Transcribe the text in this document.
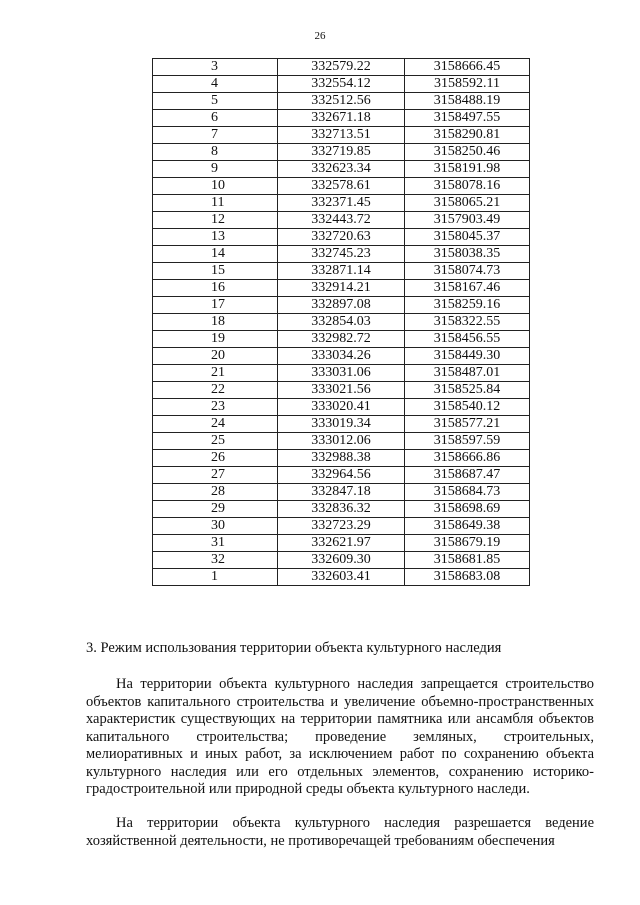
26
3	332579.22	3158666.45
4	332554.12	3158592.11
5	332512.56	3158488.19
6	332671.18	3158497.55
7	332713.51	3158290.81
8	332719.85	3158250.46
9	332623.34	3158191.98
10	332578.61	3158078.16
11	332371.45	3158065.21
12	332443.72	3157903.49
13	332720.63	3158045.37
14	332745.23	3158038.35
15	332871.14	3158074.73
16	332914.21	3158167.46
17	332897.08	3158259.16
18	332854.03	3158322.55
19	332982.72	3158456.55
20	333034.26	3158449.30
21	333031.06	3158487.01
22	333021.56	3158525.84
23	333020.41	3158540.12
24	333019.34	3158577.21
25	333012.06	3158597.59
26	332988.38	3158666.86
27	332964.56	3158687.47
28	332847.18	3158684.73
29	332836.32	3158698.69
30	332723.29	3158649.38
31	332621.97	3158679.19
32	332609.30	3158681.85
1	332603.41	3158683.08
3. Режим использования территории объекта культурного наследия

На территории объекта культурного наследия запрещается строительство объектов капитального строительства и увеличение объемно-пространственных характеристик существующих на территории памятника или ансамбля объектов капитального строительства; проведение земляных, строительных, мелиоративных и иных работ, за исключением работ по сохранению объекта культурного наследия или его отдельных элементов, сохранению историко-градостроительной или природной среды объекта культурного наследи.

На территории объекта культурного наследия разрешается ведение хозяйственной деятельности, не противоречащей требованиям обеспечения
